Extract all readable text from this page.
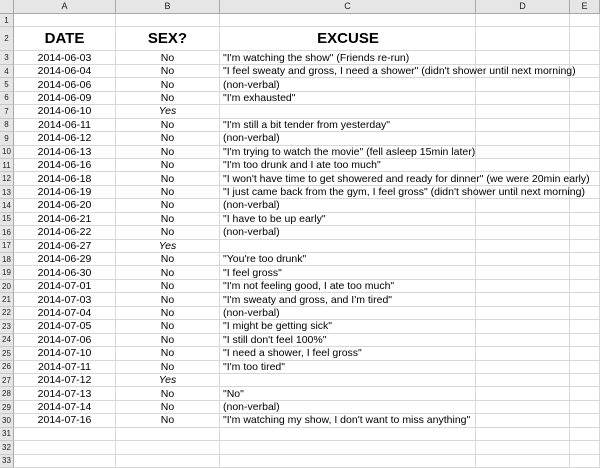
A	B	C	D	E
1
2	DATE	SEX?	EXCUSE
3	2014-06-03	No	"I'm watching the show" (Friends re-run)
4	2014-06-04	No	"I feel sweaty and gross, I need a shower" (didn't shower until next morning)
5	2014-06-06	No	(non-verbal)
6	2014-06-09	No	"I'm exhausted"
7	2014-06-10	Yes
8	2014-06-11	No	"I'm still a bit tender from yesterday"
9	2014-06-12	No	(non-verbal)
10	2014-06-13	No	"I'm trying to watch the movie" (fell asleep 15min later)
11	2014-06-16	No	"I'm too drunk and I ate too much"
12	2014-06-18	No	"I won't have time to get showered and ready for dinner" (we were 20min early)
13	2014-06-19	No	"I just came back from the gym, I feel gross" (didn't shower until next morning)
14	2014-06-20	No	(non-verbal)
15	2014-06-21	No	"I have to be up early"
16	2014-06-22	No	(non-verbal)
17	2014-06-27	Yes
18	2014-06-29	No	"You're too drunk"
19	2014-06-30	No	"I feel gross"
20	2014-07-01	No	"I'm not feeling good, I ate too much"
21	2014-07-03	No	"I'm sweaty and gross, and I'm tired"
22	2014-07-04	No	(non-verbal)
23	2014-07-05	No	"I might be getting sick"
24	2014-07-06	No	"I still don't feel 100%"
25	2014-07-10	No	"I need a shower, I feel gross"
26	2014-07-11	No	"I'm too tired"
27	2014-07-12	Yes
28	2014-07-13	No	"No"
29	2014-07-14	No	(non-verbal)
30	2014-07-16	No	"I'm watching my show, I don't want to miss anything"
31
32
33
